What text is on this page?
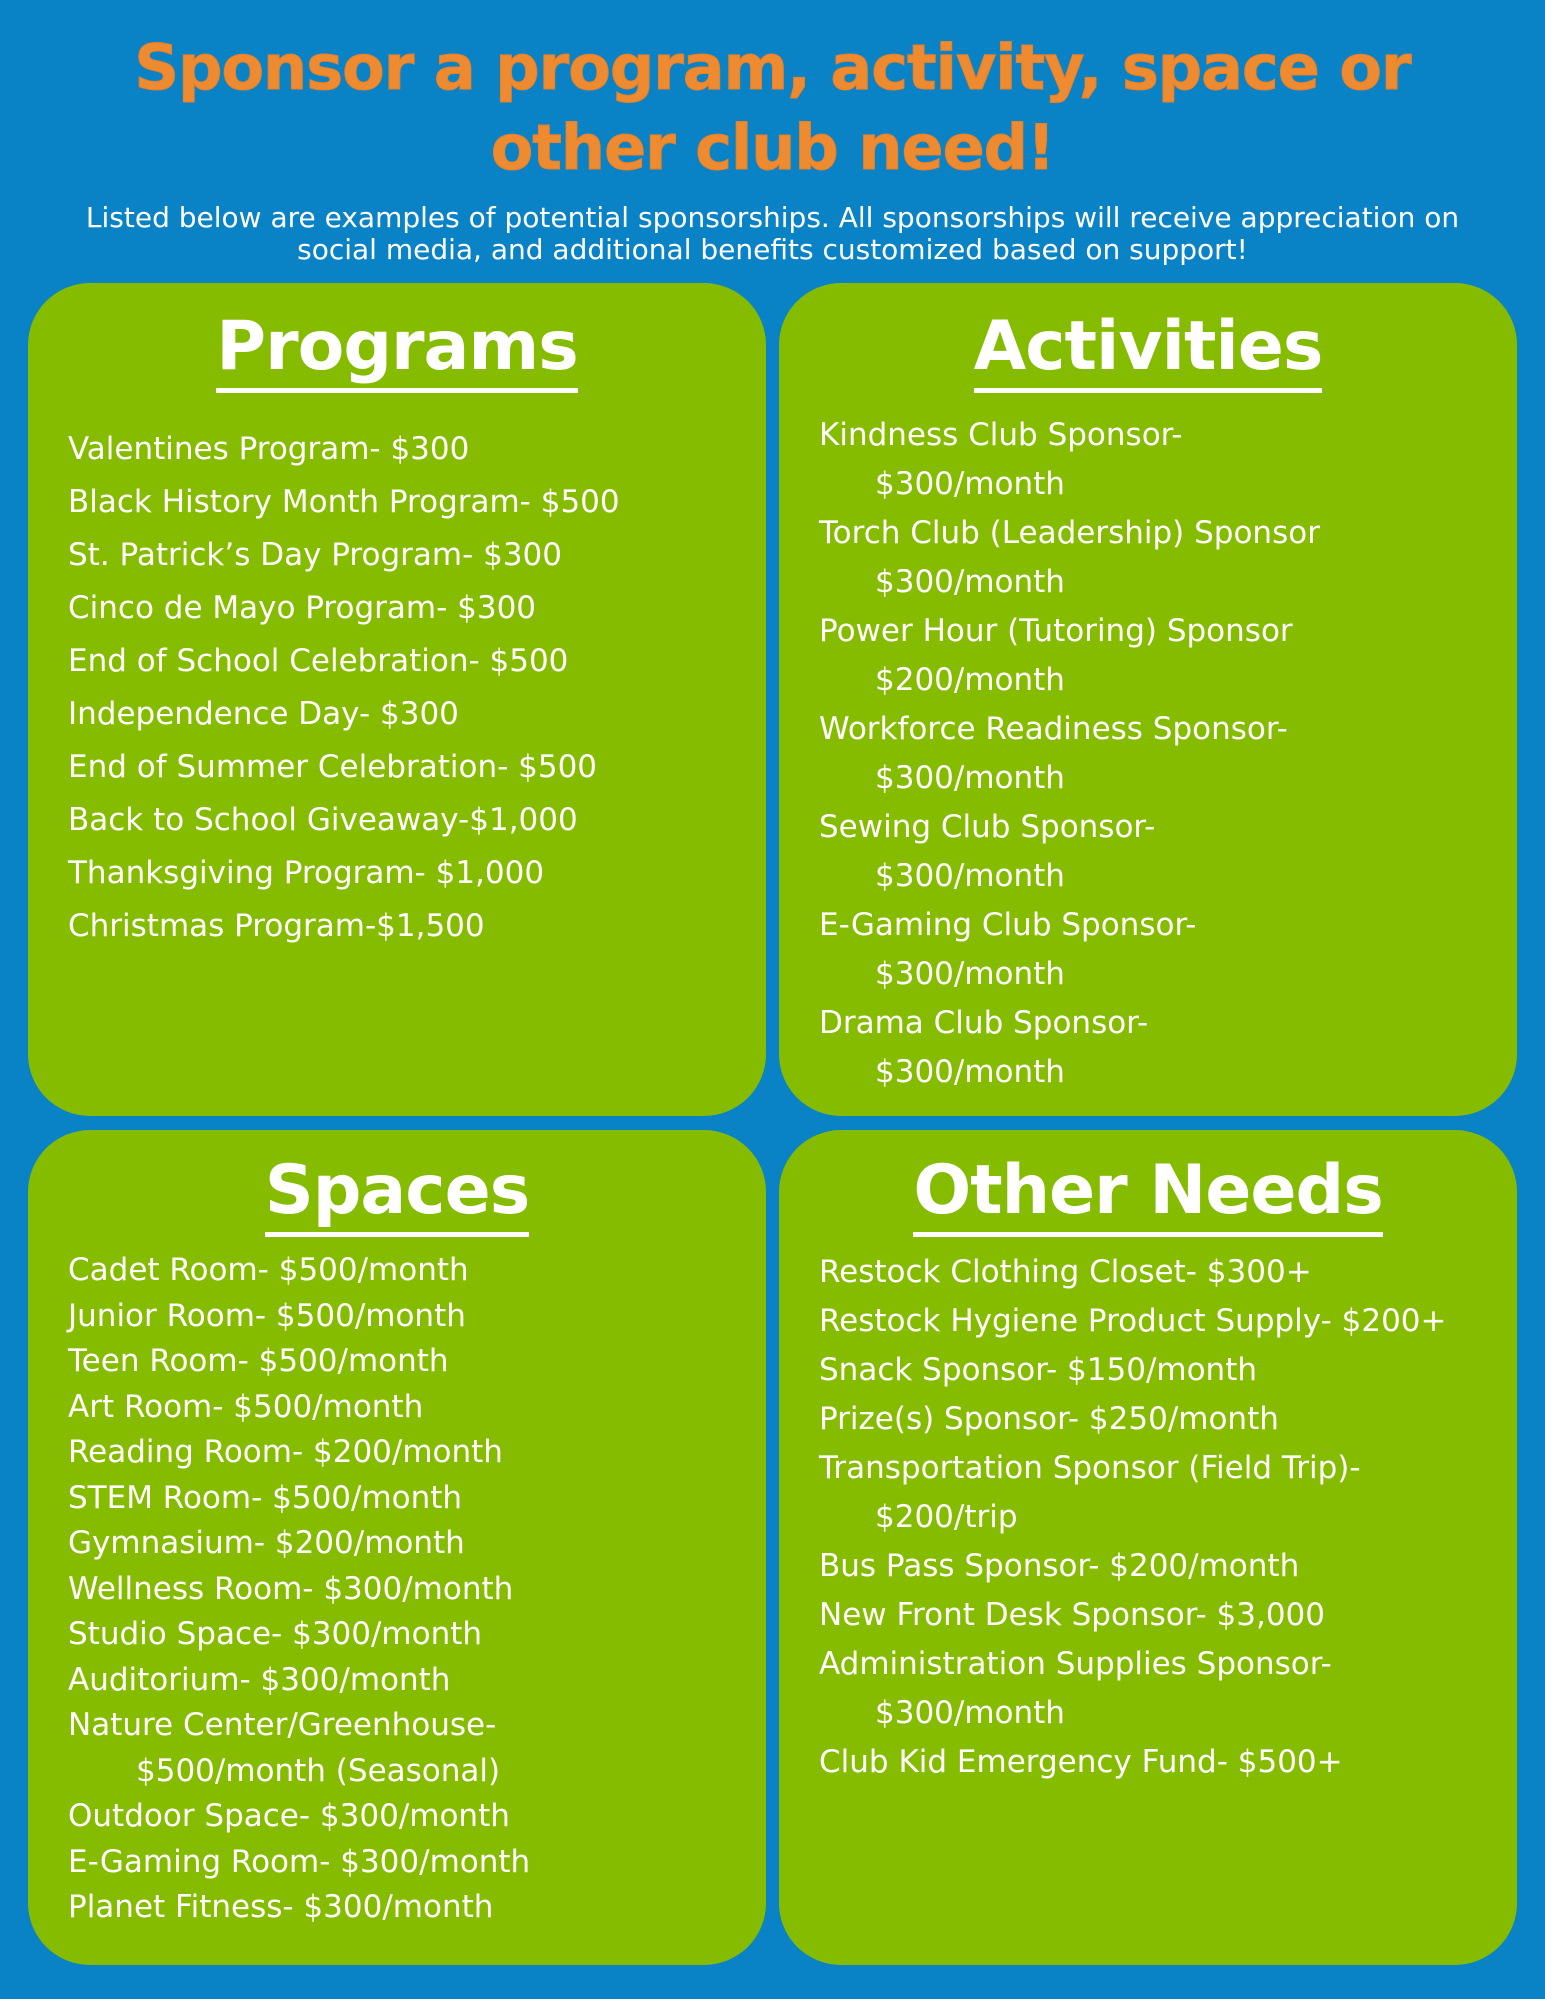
Sponsor a program, activity, space or other club need!
Listed below are examples of potential sponsorships. All sponsorships will receive appreciation on social media, and additional benefits customized based on support!
Programs
Valentines Program- $300
Black History Month Program- $500
St. Patrick’s Day Program- $300
Cinco de Mayo Program- $300
End of School Celebration- $500
Independence Day- $300
End of Summer Celebration- $500
Back to School Giveaway-$1,000
Thanksgiving Program- $1,000
Christmas Program-$1,500
Activities
Kindness Club Sponsor-
$300/month
Torch Club (Leadership) Sponsor
$300/month
Power Hour (Tutoring) Sponsor
$200/month
Workforce Readiness Sponsor-
$300/month
Sewing Club Sponsor-
$300/month
E-Gaming Club Sponsor-
$300/month
Drama Club Sponsor-
$300/month
Spaces
Cadet Room- $500/month
Junior Room- $500/month
Teen Room- $500/month
Art Room- $500/month
Reading Room- $200/month
STEM Room- $500/month
Gymnasium- $200/month
Wellness Room- $300/month
Studio Space- $300/month
Auditorium- $300/month
Nature Center/Greenhouse-
$500/month (Seasonal)
Outdoor Space- $300/month
E-Gaming Room- $300/month
Planet Fitness- $300/month
Other Needs
Restock Clothing Closet- $300+
Restock Hygiene Product Supply- $200+
Snack Sponsor- $150/month
Prize(s) Sponsor- $250/month
Transportation Sponsor (Field Trip)-
$200/trip
Bus Pass Sponsor- $200/month
New Front Desk Sponsor- $3,000
Administration Supplies Sponsor-
$300/month
Club Kid Emergency Fund- $500+
